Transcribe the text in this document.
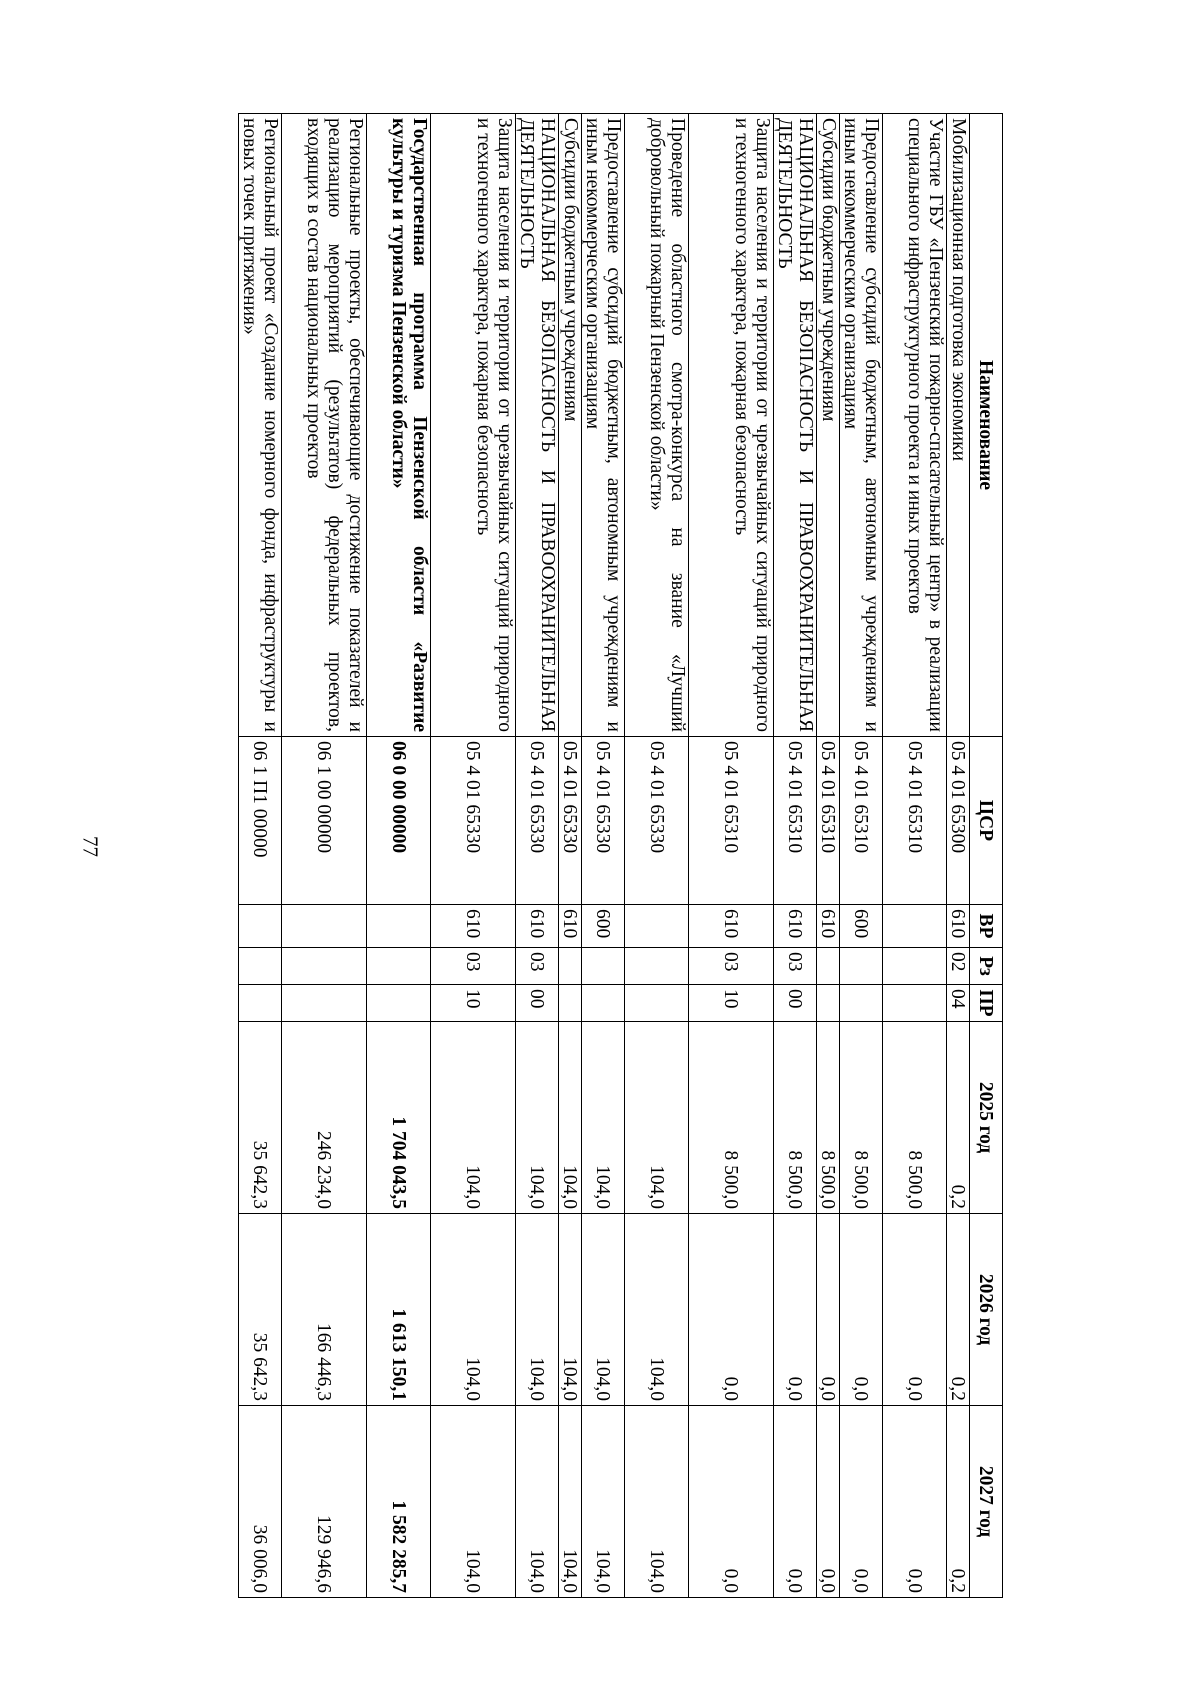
77
Наименование	ЦСР	ВР	Рз	ПР	2025 год	2026 год	2027 год
Мобилизационная подготовка экономики	05 4 01 65300	610	02	04	0,2	0,2	0,2
Участие ГБУ «Пензенский пожарно-спасательный центр» в реализации специального инфраструктурного проекта и иных проектов	05 4 01 65310				8 500,0	0,0	0,0
Предоставление субсидий бюджетным, автономным учреждениям и иным некоммерческим организациям	05 4 01 65310	600			8 500,0	0,0	0,0
Субсидии бюджетным учреждениям	05 4 01 65310	610			8 500,0	0,0	0,0
НАЦИОНАЛЬНАЯ БЕЗОПАСНОСТЬ И ПРАВООХРАНИТЕЛЬНАЯ ДЕЯТЕЛЬНОСТЬ	05 4 01 65310	610	03	00	8 500,0	0,0	0,0
Защита населения и территории от чрезвычайных ситуаций природного и техногенного характера, пожарная безопасность	05 4 01 65310	610	03	10	8 500,0	0,0	0,0
Проведение областного смотра-конкурса на звание «Лучший добровольный пожарный Пензенской области»	05 4 01 65330				104,0	104,0	104,0
Предоставление субсидий бюджетным, автономным учреждениям и иным некоммерческим организациям	05 4 01 65330	600			104,0	104,0	104,0
Субсидии бюджетным учреждениям	05 4 01 65330	610			104,0	104,0	104,0
НАЦИОНАЛЬНАЯ БЕЗОПАСНОСТЬ И ПРАВООХРАНИТЕЛЬНАЯ ДЕЯТЕЛЬНОСТЬ	05 4 01 65330	610	03	00	104,0	104,0	104,0
Защита населения и территории от чрезвычайных ситуаций природного и техногенного характера, пожарная безопасность	05 4 01 65330	610	03	10	104,0	104,0	104,0
Государственная программа Пензенской области «Развитие культуры и туризма Пензенской области»	06 0 00 00000				1 704 043,5	1 613 150,1	1 582 285,7
Региональные проекты, обеспечивающие достижение показателей и реализацию мероприятий (результатов) федеральных проектов, входящих в состав национальных проектов	06 1 00 00000				246 234,0	166 446,3	129 946,6
Региональный проект «Создание номерного фонда, инфраструктуры и новых точек притяжения»	06 1 П1 00000				35 642,3	35 642,3	36 006,0
